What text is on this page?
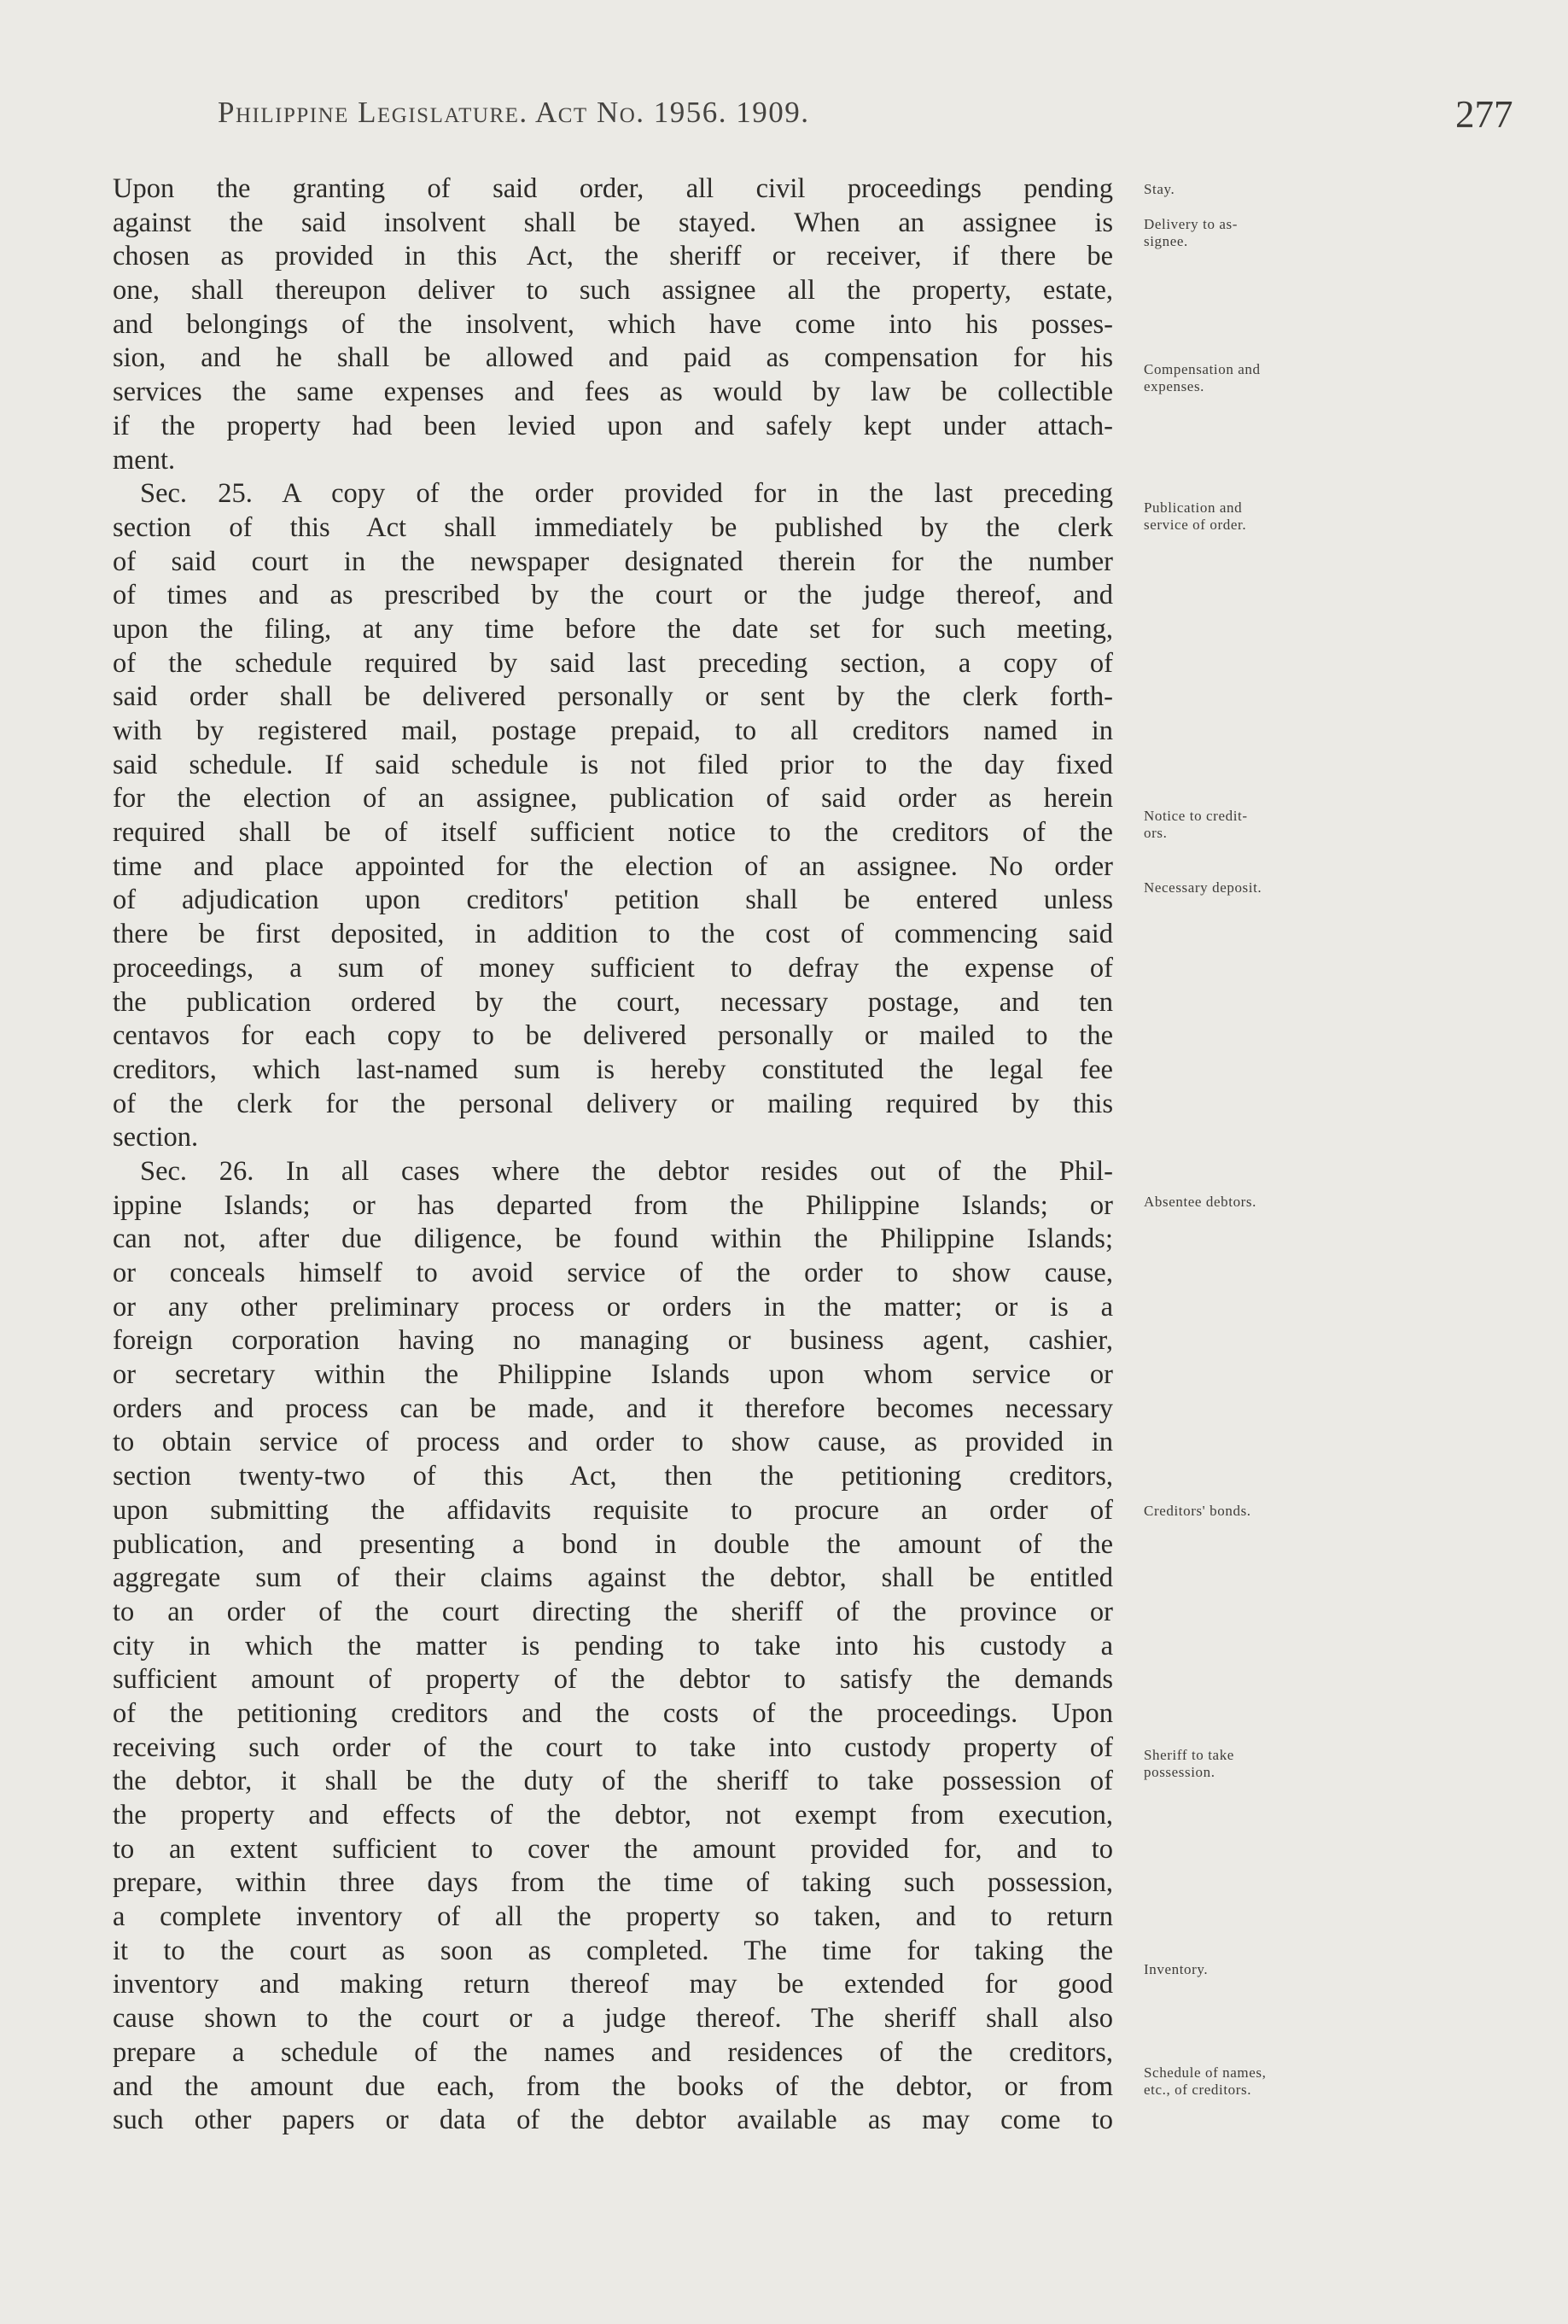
Philippine Legislature. Act No. 1956. 1909.	277
Upon the granting of said order, all civil proceedings pending
against the said insolvent shall be stayed. When an assignee is
chosen as provided in this Act, the sheriff or receiver, if there be
one, shall thereupon deliver to such assignee all the property, estate,
and belongings of the insolvent, which have come into his posses-
sion, and he shall be allowed and paid as compensation for his
services the same expenses and fees as would by law be collectible
if the property had been levied upon and safely kept under attach-
ment.
Sec. 25. A copy of the order provided for in the last preceding
section of this Act shall immediately be published by the clerk
of said court in the newspaper designated therein for the number
of times and as prescribed by the court or the judge thereof, and
upon the filing, at any time before the date set for such meeting,
of the schedule required by said last preceding section, a copy of
said order shall be delivered personally or sent by the clerk forth-
with by registered mail, postage prepaid, to all creditors named in
said schedule. If said schedule is not filed prior to the day fixed
for the election of an assignee, publication of said order as herein
required shall be of itself sufficient notice to the creditors of the
time and place appointed for the election of an assignee. No order
of adjudication upon creditors' petition shall be entered unless
there be first deposited, in addition to the cost of commencing said
proceedings, a sum of money sufficient to defray the expense of
the publication ordered by the court, necessary postage, and ten
centavos for each copy to be delivered personally or mailed to the
creditors, which last-named sum is hereby constituted the legal fee
of the clerk for the personal delivery or mailing required by this
section.
Sec. 26. In all cases where the debtor resides out of the Phil-
ippine Islands; or has departed from the Philippine Islands; or
can not, after due diligence, be found within the Philippine Islands;
or conceals himself to avoid service of the order to show cause,
or any other preliminary process or orders in the matter; or is a
foreign corporation having no managing or business agent, cashier,
or secretary within the Philippine Islands upon whom service or
orders and process can be made, and it therefore becomes necessary
to obtain service of process and order to show cause, as provided in
section twenty-two of this Act, then the petitioning creditors,
upon submitting the affidavits requisite to procure an order of
publication, and presenting a bond in double the amount of the
aggregate sum of their claims against the debtor, shall be entitled
to an order of the court directing the sheriff of the province or
city in which the matter is pending to take into his custody a
sufficient amount of property of the debtor to satisfy the demands
of the petitioning creditors and the costs of the proceedings. Upon
receiving such order of the court to take into custody property of
the debtor, it shall be the duty of the sheriff to take possession of
the property and effects of the debtor, not exempt from execution,
to an extent sufficient to cover the amount provided for, and to
prepare, within three days from the time of taking such possession,
a complete inventory of all the property so taken, and to return
it to the court as soon as completed. The time for taking the
inventory and making return thereof may be extended for good
cause shown to the court or a judge thereof. The sheriff shall also
prepare a schedule of the names and residences of the creditors,
and the amount due each, from the books of the debtor, or from
such other papers or data of the debtor available as may come to
Stay.
Delivery to as-
signee.
Compensation and
expenses.
Publication and
service of order.
Notice to credit-
ors.
Necessary deposit.
Absentee debtors.
Creditors' bonds.
Sheriff to take
possession.
Inventory.
Schedule of names,
etc., of creditors.
